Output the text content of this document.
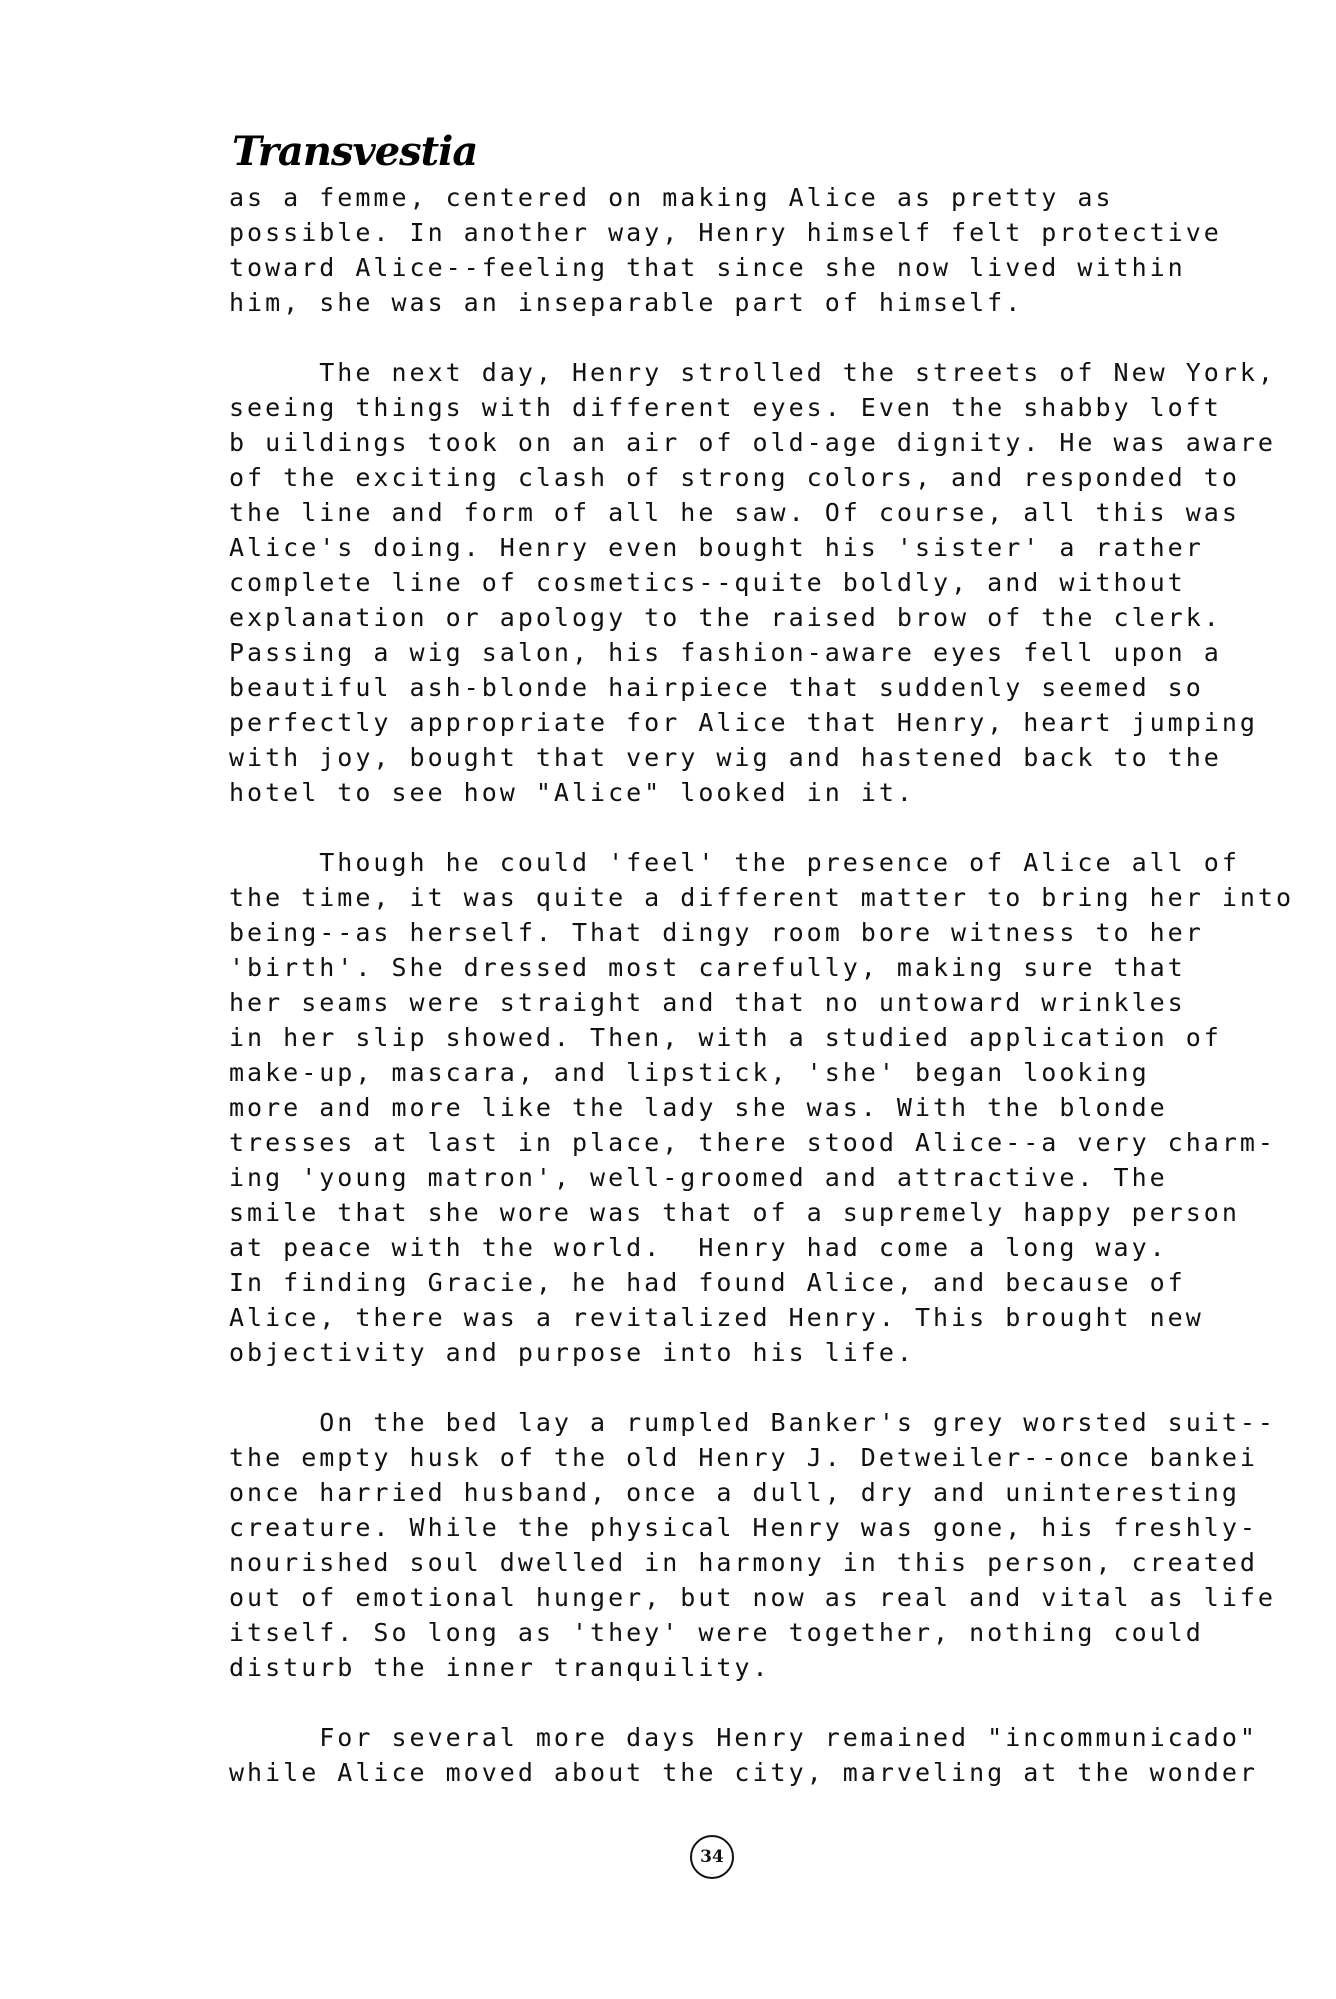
Transvestia
as a femme, centered on making Alice as pretty as
possible. In another way, Henry himself felt protective
toward Alice--feeling that since she now lived within
him, she was an inseparable part of himself.
The next day, Henry strolled the streets of New York,
seeing things with different eyes. Even the shabby loft
b uildings took on an air of old-age dignity. He was aware
of the exciting clash of strong colors, and responded to
the line and form of all he saw. Of course, all this was
Alice's doing. Henry even bought his 'sister' a rather
complete line of cosmetics--quite boldly, and without
explanation or apology to the raised brow of the clerk.
Passing a wig salon, his fashion-aware eyes fell upon a
beautiful ash-blonde hairpiece that suddenly seemed so
perfectly appropriate for Alice that Henry, heart jumping
with joy, bought that very wig and hastened back to the
hotel to see how "Alice" looked in it.
Though he could 'feel' the presence of Alice all of
the time, it was quite a different matter to bring her into
being--as herself. That dingy room bore witness to her
'birth'. She dressed most carefully, making sure that
her seams were straight and that no untoward wrinkles
in her slip showed. Then, with a studied application of
make-up, mascara, and lipstick, 'she' began looking
more and more like the lady she was. With the blonde
tresses at last in place, there stood Alice--a very charm-
ing 'young matron', well-groomed and attractive. The
smile that she wore was that of a supremely happy person
at peace with the world.  Henry had come a long way.
In finding Gracie, he had found Alice, and because of
Alice, there was a revitalized Henry. This brought new
objectivity and purpose into his life.
On the bed lay a rumpled Banker's grey worsted suit--
the empty husk of the old Henry J. Detweiler--once bankei
once harried husband, once a dull, dry and uninteresting
creature. While the physical Henry was gone, his freshly-
nourished soul dwelled in harmony in this person, created
out of emotional hunger, but now as real and vital as life
itself. So long as 'they' were together, nothing could
disturb the inner tranquility.
For several more days Henry remained "incommunicado"
while Alice moved about the city, marveling at the wonder
34
